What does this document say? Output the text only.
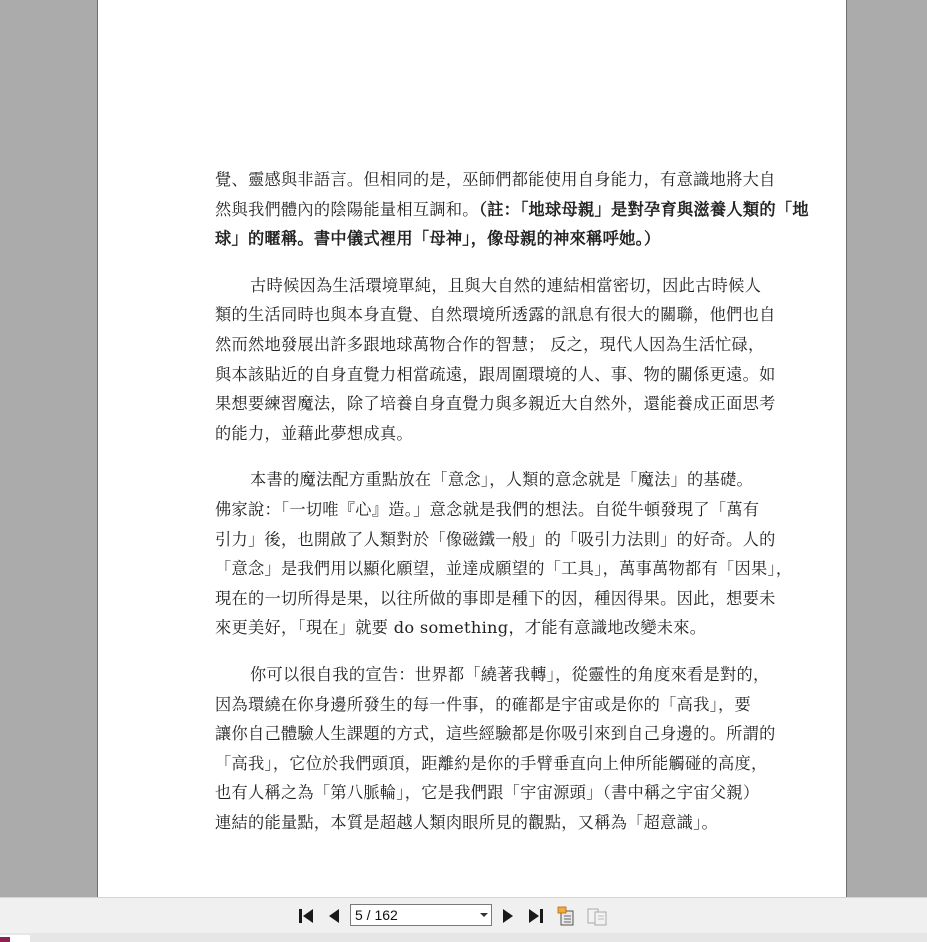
覺、靈感與非語言。但相同的是，巫師們都能使用自身能力，有意識地將大自
然與我們體內的陰陽能量相互調和。（註：「地球母親」是對孕育與滋養人類的「地
球」的暱稱。書中儀式裡用「母神」，像母親的神來稱呼她。）

古時候因為生活環境單純，且與大自然的連結相當密切，因此古時候人
類的生活同時也與本身直覺、自然環境所透露的訊息有很大的關聯，他們也自
然而然地發展出許多跟地球萬物合作的智慧； 反之，現代人因為生活忙碌，
與本該貼近的自身直覺力相當疏遠，跟周圍環境的人、事、物的關係更遠。如
果想要練習魔法，除了培養自身直覺力與多親近大自然外，還能養成正面思考
的能力，並藉此夢想成真。

本書的魔法配方重點放在「意念」，人類的意念就是「魔法」的基礎。
佛家說：「一切唯『心』造。」意念就是我們的想法。自從牛頓發現了「萬有
引力」後，也開啟了人類對於「像磁鐵一般」的「吸引力法則」的好奇。人的
「意念」是我們用以顯化願望，並達成願望的「工具」，萬事萬物都有「因果」，
現在的一切所得是果，以往所做的事即是種下的因，種因得果。因此，想要未
來更美好，「現在」就要 do something，才能有意識地改變未來。

你可以很自我的宣告：世界都「繞著我轉」，從靈性的角度來看是對的，
因為環繞在你身邊所發生的每一件事，的確都是宇宙或是你的「高我」，要
讓你自己體驗人生課題的方式，這些經驗都是你吸引來到自己身邊的。所謂的
「高我」，它位於我們頭頂，距離約是你的手臂垂直向上伸所能觸碰的高度，
也有人稱之為「第八脈輪」，它是我們跟「宇宙源頭」（書中稱之宇宙父親）
連結的能量點，本質是超越人類肉眼所見的觀點，又稱為「超意識」。

5 / 162
